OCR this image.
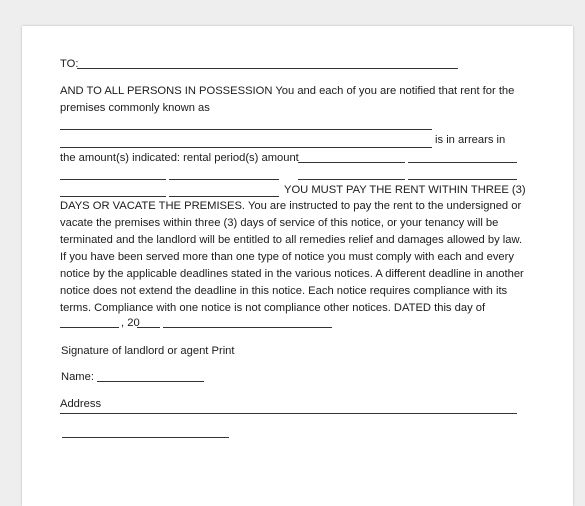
TO:
AND TO ALL PERSONS IN POSSESSION You and each of you are notified that rent for the
premises commonly known as
is in arrears in
the amount(s) indicated: rental period(s) amount
YOU MUST PAY THE RENT WITHIN THREE (3)
DAYS OR VACATE THE PREMISES. You are instructed to pay the rent to the undersigned or
vacate the premises within three (3) days of service of this notice, or your tenancy will be
terminated and the landlord will be entitled to all remedies relief and damages allowed by law.
If you have been served more than one type of notice you must comply with each and every
notice by the applicable deadlines stated in the various notices. A different deadline in another
notice does not extend the deadline in this notice. Each notice requires compliance with its
terms. Compliance with one notice is not compliance other notices. DATED this day of
, 20
Signature of landlord or agent Print
Name:
Address
